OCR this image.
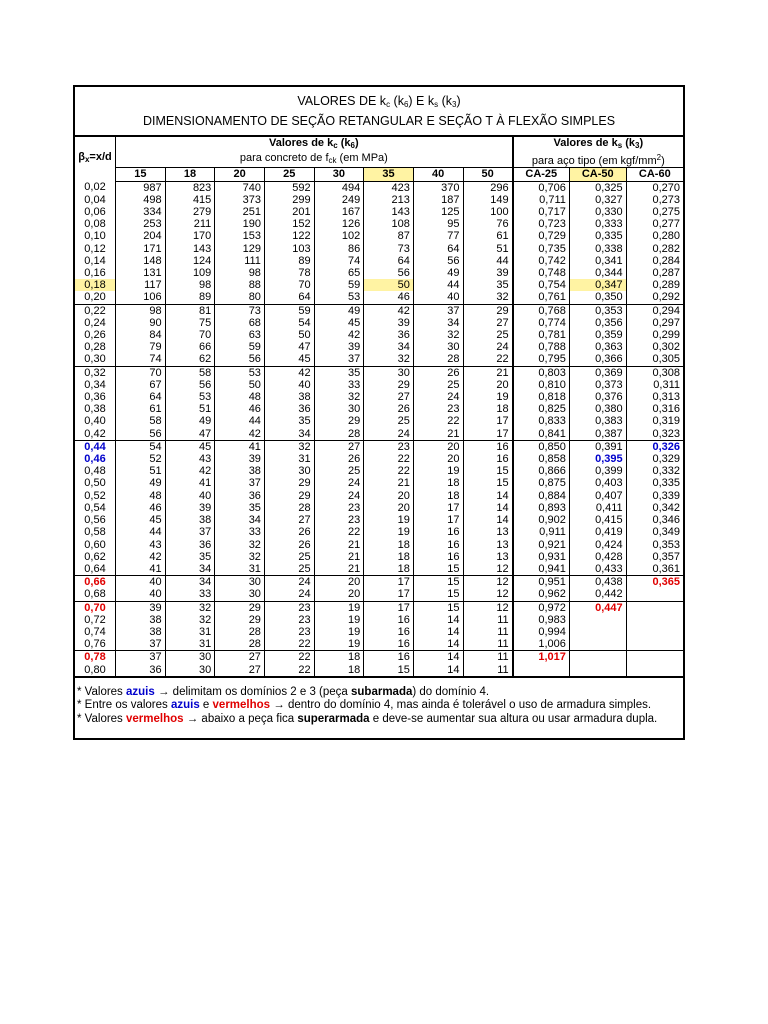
VALORES DE $k_c$ $(k_6)$ E $k_s$ $(k_3)$
DIMENSIONAMENTO DE SEÇÃO RETANGULAR E SEÇÃO T À FLEXÃO SIMPLES
$\beta_x=x/d$	Valores de $k_c$ $(k_6)$								Valores de $k_s$ $(k_3)$		
	para concreto de $f_{ck}$ (em MPa)								para aço tipo (em kgf/$mm^2$)		
	15	18	20	25	30	35	40	50	CA-25	CA-50	CA-60
0,02	987	823	740	592	494	423	370	296	0,706	0,325	0,270
0,04	498	415	373	299	249	213	187	149	0,711	0,327	0,273
0,06	334	279	251	201	167	143	125	100	0,717	0,330	0,275
0,08	253	211	190	152	126	108	95	76	0,723	0,333	0,277
0,10	204	170	153	122	102	87	77	61	0,729	0,335	0,280
0,12	171	143	129	103	86	73	64	51	0,735	0,338	0,282
0,14	148	124	111	89	74	64	56	44	0,742	0,341	0,284
0,16	131	109	98	78	65	56	49	39	0,748	0,344	0,287
0,18	117	98	88	70	59	50	44	35	0,754	0,347	0,289
0,20	106	89	80	64	53	46	40	32	0,761	0,350	0,292
0,22	98	81	73	59	49	42	37	29	0,768	0,353	0,294
0,24	90	75	68	54	45	39	34	27	0,774	0,356	0,297
0,26	84	70	63	50	42	36	32	25	0,781	0,359	0,299
0,28	79	66	59	47	39	34	30	24	0,788	0,363	0,302
0,30	74	62	56	45	37	32	28	22	0,795	0,366	0,305
0,32	70	58	53	42	35	30	26	21	0,803	0,369	0,308
0,34	67	56	50	40	33	29	25	20	0,810	0,373	0,311
0,36	64	53	48	38	32	27	24	19	0,818	0,376	0,313
0,38	61	51	46	36	30	26	23	18	0,825	0,380	0,316
0,40	58	49	44	35	29	25	22	17	0,833	0,383	0,319
0,42	56	47	42	34	28	24	21	17	0,841	0,387	0,323
0,44	54	45	41	32	27	23	20	16	0,850	0,391	0,326
0,46	52	43	39	31	26	22	20	16	0,858	0,395	0,329
0,48	51	42	38	30	25	22	19	15	0,866	0,399	0,332
0,50	49	41	37	29	24	21	18	15	0,875	0,403	0,335
0,52	48	40	36	29	24	20	18	14	0,884	0,407	0,339
0,54	46	39	35	28	23	20	17	14	0,893	0,411	0,342
0,56	45	38	34	27	23	19	17	14	0,902	0,415	0,346
0,58	44	37	33	26	22	19	16	13	0,911	0,419	0,349
0,60	43	36	32	26	21	18	16	13	0,921	0,424	0,353
0,62	42	35	32	25	21	18	16	13	0,931	0,428	0,357
0,64	41	34	31	25	21	18	15	12	0,941	0,433	0,361
0,66	40	34	30	24	20	17	15	12	0,951	0,438	0,365
0,68	40	33	30	24	20	17	15	12	0,962	0,442	
0,70	39	32	29	23	19	17	15	12	0,972	0,447	
0,72	38	32	29	23	19	16	14	11	0,983		
0,74	38	31	28	23	19	16	14	11	0,994		
0,76	37	31	28	22	19	16	14	11	1,006		
0,78	37	30	27	22	18	16	14	11	1,017		
0,80	36	30	27	22	18	15	14	11			
* Valores azuis → delimitam os domínios 2 e 3 (peça subarmada) do domínio 4.
* Entre os valores azuis e vermelhos → dentro do domínio 4, mas ainda é tolerável o uso de armadura simples.
* Valores vermelhos → abaixo a peça fica superarmada e deve-se aumentar sua altura ou usar armadura dupla.
